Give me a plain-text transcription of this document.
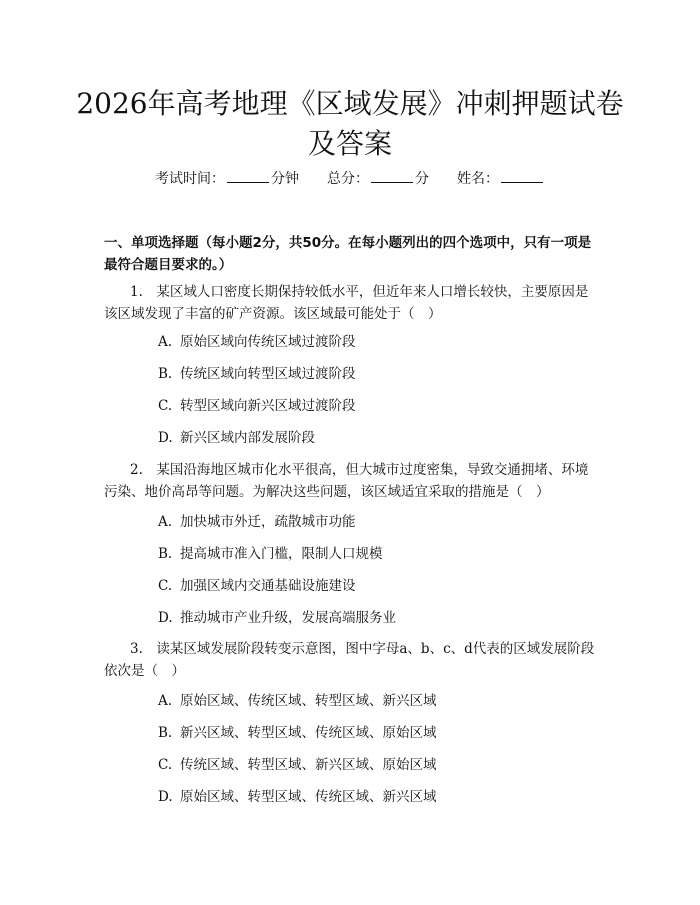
2026年高考地理《区域发展》冲刺押题试卷
及答案
考试时间：	分钟 总分：	分 姓名：
一、单项选择题（每小题2分，共50分。在每小题列出的四个选项中，只有一项是最符合题目要求的。）
1.　某区域人口密度长期保持较低水平，但近年来人口增长较快，主要原因是该区域发现了丰富的矿产资源。该区域最可能处于（　）
A. 原始区域向传统区域过渡阶段
B. 传统区域向转型区域过渡阶段
C. 转型区域向新兴区域过渡阶段
D. 新兴区域内部发展阶段
2.　某国沿海地区城市化水平很高，但大城市过度密集，导致交通拥堵、环境污染、地价高昂等问题。为解决这些问题，该区域适宜采取的措施是（　）
A. 加快城市外迁，疏散城市功能
B. 提高城市准入门槛，限制人口规模
C. 加强区域内交通基础设施建设
D. 推动城市产业升级，发展高端服务业
3.　读某区域发展阶段转变示意图，图中字母a、b、c、d代表的区域发展阶段依次是（　）
A. 原始区域、传统区域、转型区域、新兴区域
B. 新兴区域、转型区域、传统区域、原始区域
C. 传统区域、转型区域、新兴区域、原始区域
D. 原始区域、转型区域、传统区域、新兴区域
